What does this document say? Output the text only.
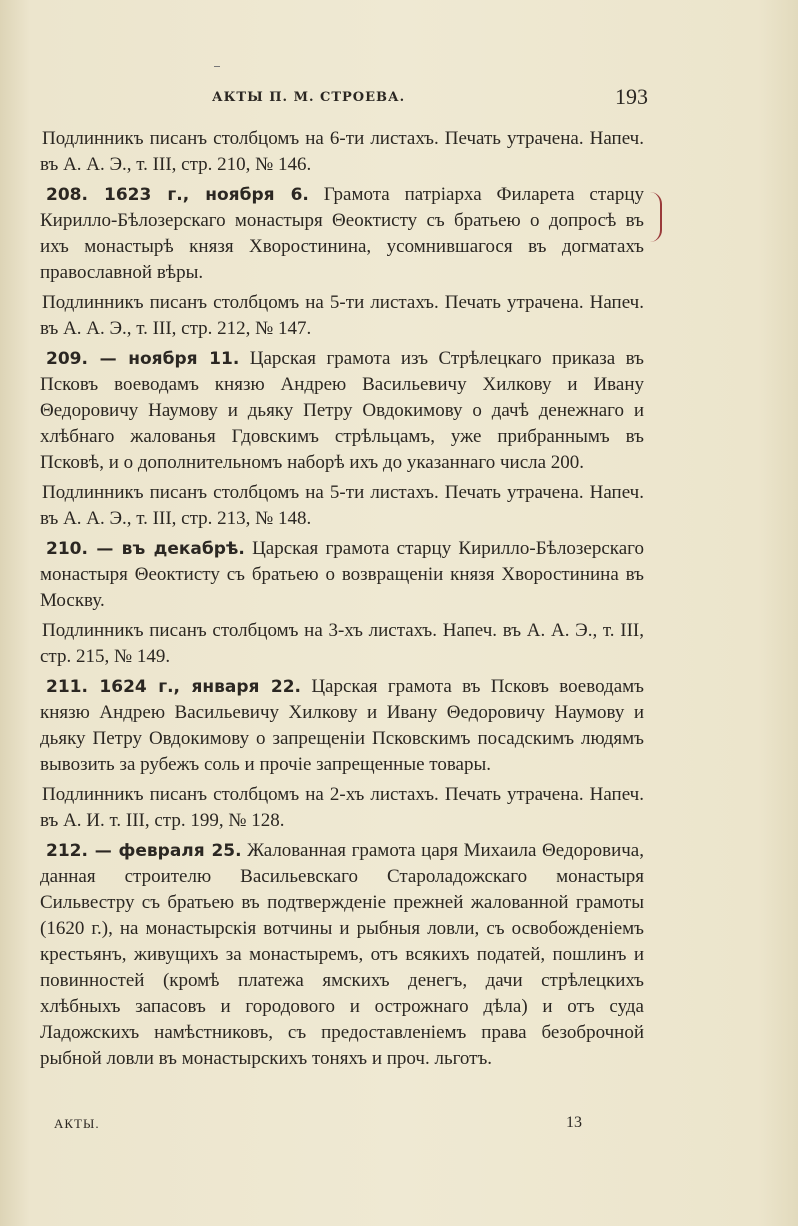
АКТЫ П. М. СТРОЕВА.	193

Подлинникъ писанъ столбцомъ на 6-ти листахъ. Печать утрачена. Напеч. въ А. А. Э., т. III, стр. 210, № 146.

208. 1623 г., ноября 6. Грамота патріарха Филарета старцу Кирилло-Бѣлозерскаго монастыря Θеоктисту съ братьею о допросѣ въ ихъ монастырѣ князя Хворостинина, усомнившагося въ догматахъ православной вѣры.

Подлинникъ писанъ столбцомъ на 5-ти листахъ. Печать утрачена. Напеч. въ А. А. Э., т. III, стр. 212, № 147.

209. — ноября 11. Царская грамота изъ Стрѣлецкаго приказа въ Псковъ воеводамъ князю Андрею Васильевичу Хилкову и Ивану Θедоровичу Наумову и дьяку Петру Овдокимову о дачѣ денежнаго и хлѣбнаго жалованья Гдовскимъ стрѣльцамъ, уже прибраннымъ въ Псковѣ, и о дополнительномъ наборѣ ихъ до указаннаго числа 200.

Подлинникъ писанъ столбцомъ на 5-ти листахъ. Печать утрачена. Напеч. въ А. А. Э., т. III, стр. 213, № 148.

210. — въ декабрѣ. Царская грамота старцу Кирилло-Бѣлозерскаго монастыря Θеоктисту съ братьею о возвращеніи князя Хворостинина въ Москву.

Подлинникъ писанъ столбцомъ на 3-хъ листахъ. Напеч. въ А. А. Э., т. III, стр. 215, № 149.

211. 1624 г., января 22. Царская грамота въ Псковъ воеводамъ князю Андрею Васильевичу Хилкову и Ивану Θедоровичу Наумову и дьяку Петру Овдокимову о запрещеніи Псковскимъ посадскимъ людямъ вывозить за рубежъ соль и прочіе запрещенные товары.

Подлинникъ писанъ столбцомъ на 2-хъ листахъ. Печать утрачена. Напеч. въ А. И. т. III, стр. 199, № 128.

212. — февраля 25. Жалованная грамота царя Михаила Θедоровича, данная строителю Васильевскаго Староладожскаго монастыря Сильвестру съ братьею въ подтвержденіе прежней жалованной грамоты (1620 г.), на монастырскія вотчины и рыбныя ловли, съ освобожденіемъ крестьянъ, живущихъ за монастыремъ, отъ всякихъ податей, пошлинъ и повинностей (кромѣ платежа ямскихъ денегъ, дачи стрѣлецкихъ хлѣбныхъ запасовъ и городового и острожнаго дѣла) и отъ суда Ладожскихъ намѣстниковъ, съ предоставленіемъ права безоброчной рыбной ловли въ монастырскихъ тоняхъ и проч. льготъ.

АКТЫ.	13
